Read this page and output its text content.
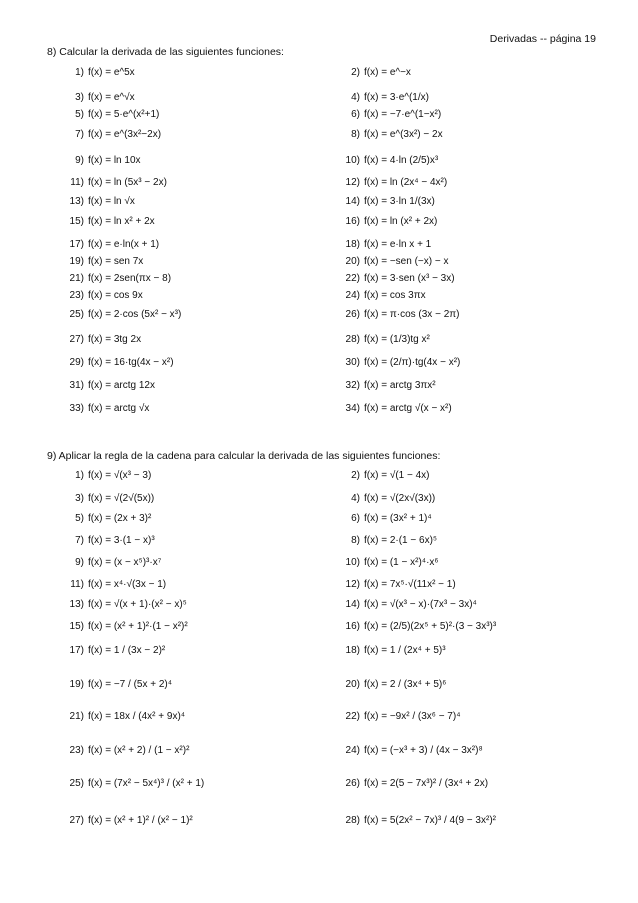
Derivadas -- página 19
8) Calcular la derivada de las siguientes funciones:
1) f(x) = e^5x	2) f(x) = e^−x
3) f(x) = e^√x	4) f(x) = 3·e^(1/x)
5) f(x) = 5·e^(x²+1)	6) f(x) = −7·e^(1−x²)
7) f(x) = e^(3x²−2x)	8) f(x) = e^(3x²) − 2x
9) f(x) = ln 10x	10) f(x) = 4·ln (2/5)x³
11) f(x) = ln (5x³ − 2x)	12) f(x) = ln (2x⁴ − 4x²)
13) f(x) = ln √x	14) f(x) = 3·ln 1/(3x)
15) f(x) = ln x² + 2x	16) f(x) = ln (x² + 2x)
17) f(x) = e·ln(x + 1)	18) f(x) = e·ln x + 1
19) f(x) = sen 7x	20) f(x) = −sen (−x) − x
21) f(x) = 2sen(πx − 8)	22) f(x) = 3·sen (x³ − 3x)
23) f(x) = cos 9x	24) f(x) = cos 3πx
25) f(x) = 2·cos (5x² − x³)	26) f(x) = π·cos (3x − 2π)
27) f(x) = 3tg 2x	28) f(x) = (1/3)tg x²
29) f(x) = 16·tg(4x − x²)	30) f(x) = (2/π)·tg(4x − x²)
31) f(x) = arctg 12x	32) f(x) = arctg 3πx²
33) f(x) = arctg √x	34) f(x) = arctg √(x − x²)
9) Aplicar la regla de la cadena para calcular la derivada de las siguientes funciones:
1) f(x) = √(x³ − 3)	2) f(x) = √(1 − 4x)
3) f(x) = √(2√(5x))	4) f(x) = √(2x√(3x))
5) f(x) = (2x + 3)²	6) f(x) = (3x² + 1)⁴
7) f(x) = 3·(1 − x)³	8) f(x) = 2·(1 − 6x)⁵
9) f(x) = (x − x⁵)³·x⁷	10) f(x) = (1 − x²)⁴·x⁶
11) f(x) = x⁴·√(3x − 1)	12) f(x) = 7x⁵·√(11x² − 1)
13) f(x) = √(x + 1)·(x² − x)⁵	14) f(x) = √(x³ − x)·(7x³ − 3x)⁴
15) f(x) = (x² + 1)²·(1 − x²)²	16) f(x) = (2/5)(2x⁵ + 5)²·(3 − 3x³)³
17) f(x) = 1 / (3x − 2)²	18) f(x) = 1 / (2x⁴ + 5)³
19) f(x) = −7 / (5x + 2)⁴	20) f(x) = 2 / (3x⁴ + 5)⁶
21) f(x) = 18x / (4x² + 9x)⁴	22) f(x) = −9x² / (3x⁶ − 7)⁴
23) f(x) = (x² + 2) / (1 − x²)²	24) f(x) = (−x³ + 3) / (4x − 3x²)⁸
25) f(x) = (7x² − 5x⁴)³ / (x² + 1)	26) f(x) = 2(5 − 7x³)² / (3x⁴ + 2x)
27) f(x) = (x² + 1)² / (x² − 1)²	28) f(x) = 5(2x² − 7x)³ / 4(9 − 3x²)²
